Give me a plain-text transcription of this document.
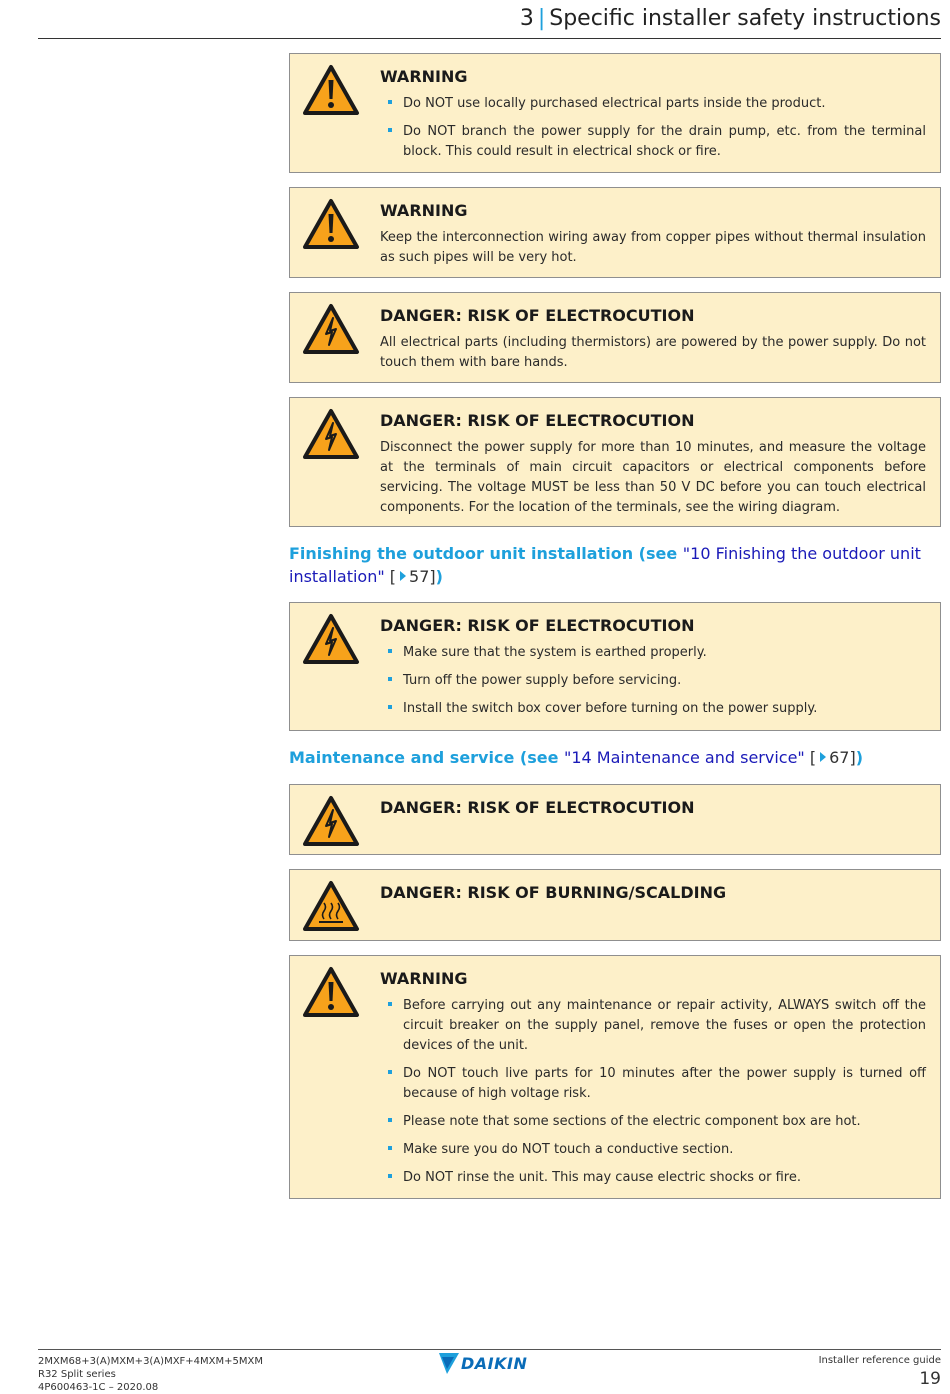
3 | Specific installer safety instructions
WARNING
Do NOT use locally purchased electrical parts inside the product.
Do NOT branch the power supply for the drain pump, etc. from the terminal block. This could result in electrical shock or fire.
WARNING
Keep the interconnection wiring away from copper pipes without thermal insulation as such pipes will be very hot.
DANGER: RISK OF ELECTROCUTION
All electrical parts (including thermistors) are powered by the power supply. Do not touch them with bare hands.
DANGER: RISK OF ELECTROCUTION
Disconnect the power supply for more than 10 minutes, and measure the voltage at the terminals of main circuit capacitors or electrical components before servicing. The voltage MUST be less than 50 V DC before you can touch electrical components. For the location of the terminals, see the wiring diagram.
Finishing the outdoor unit installation (see "10 Finishing the outdoor unit installation" [ 57])
DANGER: RISK OF ELECTROCUTION
Make sure that the system is earthed properly.
Turn off the power supply before servicing.
Install the switch box cover before turning on the power supply.
Maintenance and service (see "14 Maintenance and service" [ 67])
DANGER: RISK OF ELECTROCUTION
DANGER: RISK OF BURNING/SCALDING
WARNING
Before carrying out any maintenance or repair activity, ALWAYS switch off the circuit breaker on the supply panel, remove the fuses or open the protection devices of the unit.
Do NOT touch live parts for 10 minutes after the power supply is turned off because of high voltage risk.
Please note that some sections of the electric component box are hot.
Make sure you do NOT touch a conductive section.
Do NOT rinse the unit. This may cause electric shocks or fire.
2MXM68+3(A)MXM+3(A)MXF+4MXM+5MXM
R32 Split series
4P600463-1C – 2020.08
DAIKIN	Installer reference guide
19
